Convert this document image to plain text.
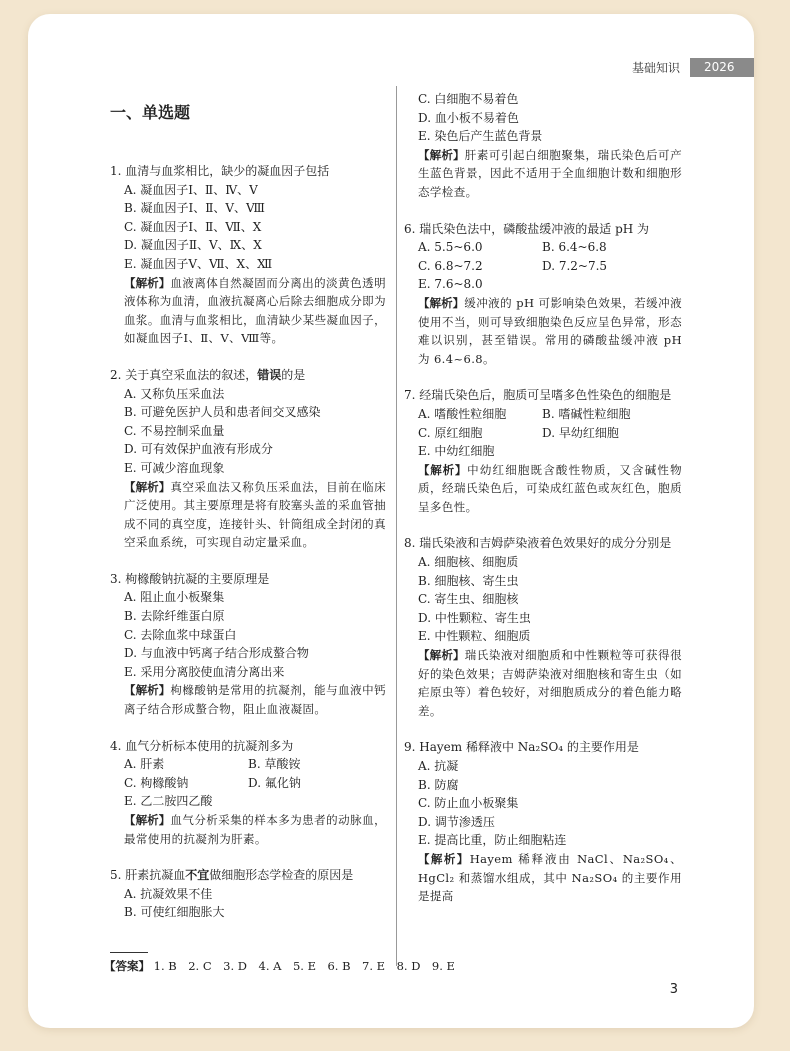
基础知识	2026
一、单选题
1. 血清与血浆相比，缺少的凝血因子包括
A. 凝血因子Ⅰ、Ⅱ、Ⅳ、Ⅴ
B. 凝血因子Ⅰ、Ⅱ、Ⅴ、Ⅷ
C. 凝血因子Ⅰ、Ⅱ、Ⅶ、Ⅹ
D. 凝血因子Ⅱ、Ⅴ、Ⅸ、Ⅹ
E. 凝血因子Ⅴ、Ⅶ、Ⅹ、Ⅻ
【解析】血液离体自然凝固而分离出的淡黄色透明液体称为血清，血液抗凝离心后除去细胞成分即为血浆。血清与血浆相比，血清缺少某些凝血因子，如凝血因子Ⅰ、Ⅱ、Ⅴ、Ⅷ等。
2. 关于真空采血法的叙述，错误的是
A. 又称负压采血法
B. 可避免医护人员和患者间交叉感染
C. 不易控制采血量
D. 可有效保护血液有形成分
E. 可减少溶血现象
【解析】真空采血法又称负压采血法，目前在临床广泛使用。其主要原理是将有胶塞头盖的采血管抽成不同的真空度，连接针头、针筒组成全封闭的真空采血系统，可实现自动定量采血。
3. 枸橼酸钠抗凝的主要原理是
A. 阻止血小板聚集
B. 去除纤维蛋白原
C. 去除血浆中球蛋白
D. 与血液中钙离子结合形成螯合物
E. 采用分离胶使血清分离出来
【解析】枸橼酸钠是常用的抗凝剂，能与血液中钙离子结合形成螯合物，阻止血液凝固。
4. 血气分析标本使用的抗凝剂多为
A. 肝素	B. 草酸铵
C. 枸橼酸钠	D. 氟化钠
E. 乙二胺四乙酸
【解析】血气分析采集的样本多为患者的动脉血，最常使用的抗凝剂为肝素。
5. 肝素抗凝血不宜做细胞形态学检查的原因是
A. 抗凝效果不佳
B. 可使红细胞胀大
C. 白细胞不易着色
D. 血小板不易着色
E. 染色后产生蓝色背景
【解析】肝素可引起白细胞聚集，瑞氏染色后可产生蓝色背景，因此不适用于全血细胞计数和细胞形态学检查。
6. 瑞氏染色法中，磷酸盐缓冲液的最适 pH 为
A. 5.5~6.0	B. 6.4~6.8
C. 6.8~7.2	D. 7.2~7.5
E. 7.6~8.0
【解析】缓冲液的 pH 可影响染色效果，若缓冲液使用不当，则可导致细胞染色反应呈色异常，形态难以识别，甚至错误。常用的磷酸盐缓冲液 pH 为 6.4~6.8。
7. 经瑞氏染色后，胞质可呈嗜多色性染色的细胞是
A. 嗜酸性粒细胞	B. 嗜碱性粒细胞
C. 原红细胞	D. 早幼红细胞
E. 中幼红细胞
【解析】中幼红细胞既含酸性物质，又含碱性物质，经瑞氏染色后，可染成红蓝色或灰红色，胞质呈多色性。
8. 瑞氏染液和吉姆萨染液着色效果好的成分分别是
A. 细胞核、细胞质
B. 细胞核、寄生虫
C. 寄生虫、细胞核
D. 中性颗粒、寄生虫
E. 中性颗粒、细胞质
【解析】瑞氏染液对细胞质和中性颗粒等可获得很好的染色效果；吉姆萨染液对细胞核和寄生虫（如疟原虫等）着色较好，对细胞质成分的着色能力略差。
9. Hayem 稀释液中 Na₂SO₄ 的主要作用是
A. 抗凝
B. 防腐
C. 防止血小板聚集
D. 调节渗透压
E. 提高比重，防止细胞粘连
【解析】Hayem 稀释液由 NaCl、Na₂SO₄、HgCl₂ 和蒸馏水组成，其中 Na₂SO₄ 的主要作用是提高
【答案】 1. B　2. C　3. D　4. A　5. E　6. B　7. E　8. D　9. E
3
